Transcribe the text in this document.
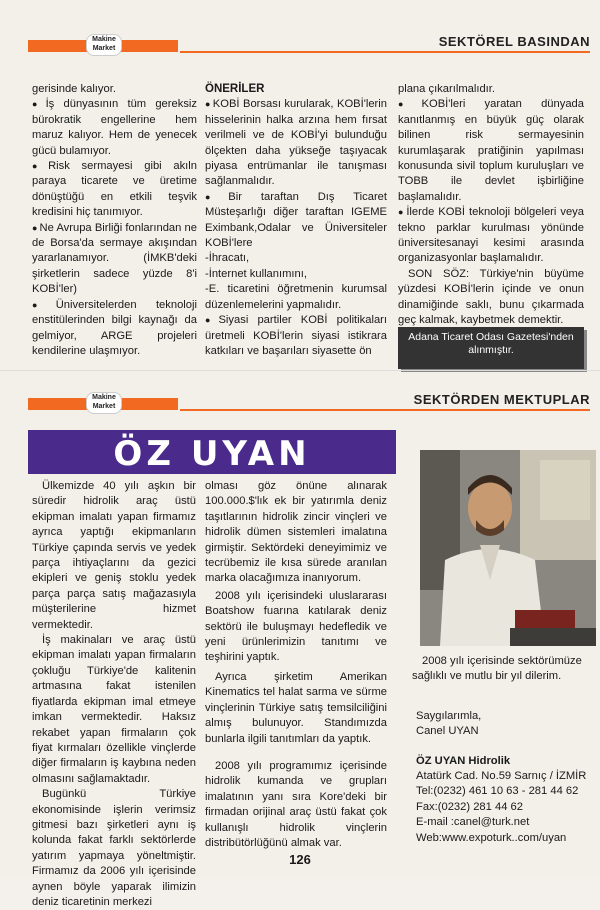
Makine Market	SEKTÖREL BASINDAN

gerisinde kalıyor.

● İş dünyasının tüm gereksiz bürokratik engellerine hem maruz kalıyor. Hem de yenecek gücü bulamıyor.

● Risk sermayesi gibi akıln paraya ticarete ve üretime dönüştüğü en etkili teşvik kredisini hiç tanımıyor.

● Ne Avrupa Birliği fonlarından ne de Borsa'da sermaye akışından yararlanamıyor. (İMKB'deki şirketlerin sadece yüzde 8'i KOBİ'ler)

● Üniversitelerden teknoloji enstitülerinden bilgi kaynağı da gelmiyor, ARGE projeleri kendilerine ulaşmıyor.

ÖNERİLER

● KOBİ Borsası kurularak, KOBİ'lerin hisselerinin halka arzına hem fırsat verilmeli ve de KOBİ'yi bulunduğu ölçekten daha yükseğe taşıyacak piyasa entrümanlar ile tanışması sağlanmalıdır.

● Bir taraftan Dış Ticaret Müsteşarlığı diğer taraftan IGEME Eximbank,Odalar ve Üniversiteler KOBİ'lere

-İhracatı,

-İnternet kullanımını,

-E. ticaretini öğretmenin kurumsal düzenlemelerini yapmalıdır.

● Siyasi partiler KOBİ politikaları üretmeli KOBİ'lerin siyasi istikrara katkıları ve başarıları siyasette ön

plana çıkarılmalıdır.

● KOBİ'leri yaratan dünyada kanıtlanmış en büyük güç olarak bilinen risk sermayesinin kurumlaşarak pratiğinin yapılması konusunda sivil toplum kuruluşları ve TOBB ile devlet işbirliğine başlamalıdır.

● İlerde KOBİ teknoloji bölgeleri veya tekno parklar kurulması yönünde üniversitesanayi kesimi arasında organizasyonlar başlamalıdır.

SON SÖZ: Türkiye'nin büyüme yüzdesi KOBİ'lerin içinde ve onun dinamiğinde saklı, bunu çıkarmada geç kalmak, kaybetmek demektir.

Adana Ticaret Odası Gazetesi'nden alınmıştır.
Makine Market	SEKTÖRDEN MEKTUPLAR
ÖZ UYAN

Ülkemizde 40 yılı aşkın bir süredir hidrolik araç üstü ekipman imalatı yapan firmamız ayrıca yaptığı ekipmanların Türkiye çapında servis ve yedek parça ihtiyaçlarını da gezici ekipleri ve geniş stoklu yedek parça parça satış mağazasıyla müşterilerine hizmet vermektedir.

İş makinaları ve araç üstü ekipman imalatı yapan firmaların çokluğu Türkiye'de kalitenin artmasına fakat istenilen fiyatlarda ekipman imal etmeye imkan vermektedir. Haksız rekabet yapan firmaların çok fiyat kırmaları özellikle vinçlerde diğer firmaların iş kaybına neden olmasını sağlamaktadır.

Bugünkü Türkiye ekonomisinde işlerin verimsiz gitmesi bazı şirketleri aynı iş kolunda fakat farklı sektörlerde yatırım yapmaya yöneltmiştir. Firmamız da 2006 yılı içerisinde aynen böyle yaparak ilimizin deniz ticaretinin merkezi

olması göz önüne alınarak 100.000.$'lık ek bir yatırımla deniz taşıtlarının hidrolik zincir vinçleri ve hidrolik dümen sistemleri imalatına girmiştir. Sektördeki deneyimimiz ve tecrübemiz ile kısa sürede aranılan marka olacağımıza inanıyorum.

2008 yılı içerisindeki uluslararası Boatshow fuarına katılarak deniz sektörü ile buluşmayı hedefledik ve yeni ürünlerimizin tanıtımı ve teşhirini yaptık.

Ayrıca şirketim Amerikan Kinematics tel halat sarma ve sürme vinçlerinin Türkiye satış temsilciliğini almış bulunuyor. Standımızda bunlarla ilgili tanıtımları da yaptık.

2008 yılı programımız içerisinde hidrolik kumanda ve grupları imalatının yanı sıra Kore'deki bir firmadan orijinal araç üstü fakat çok kullanışlı hidrolik vinçlerin distribütörlüğünü almak var.

2008 yılı içerisinde sektörümüze sağlıklı ve mutlu bir yıl dilerim.

Saygılarımla,

Canel UYAN

ÖZ UYAN Hidrolik

Atatürk Cad. No.59 Sarnıç / İZMİR

Tel:(0232) 461 10 63 - 281 44 62

Fax:(0232) 281 44 62

E-mail :canel@turk.net

Web:www.expoturk..com/uyan

126
